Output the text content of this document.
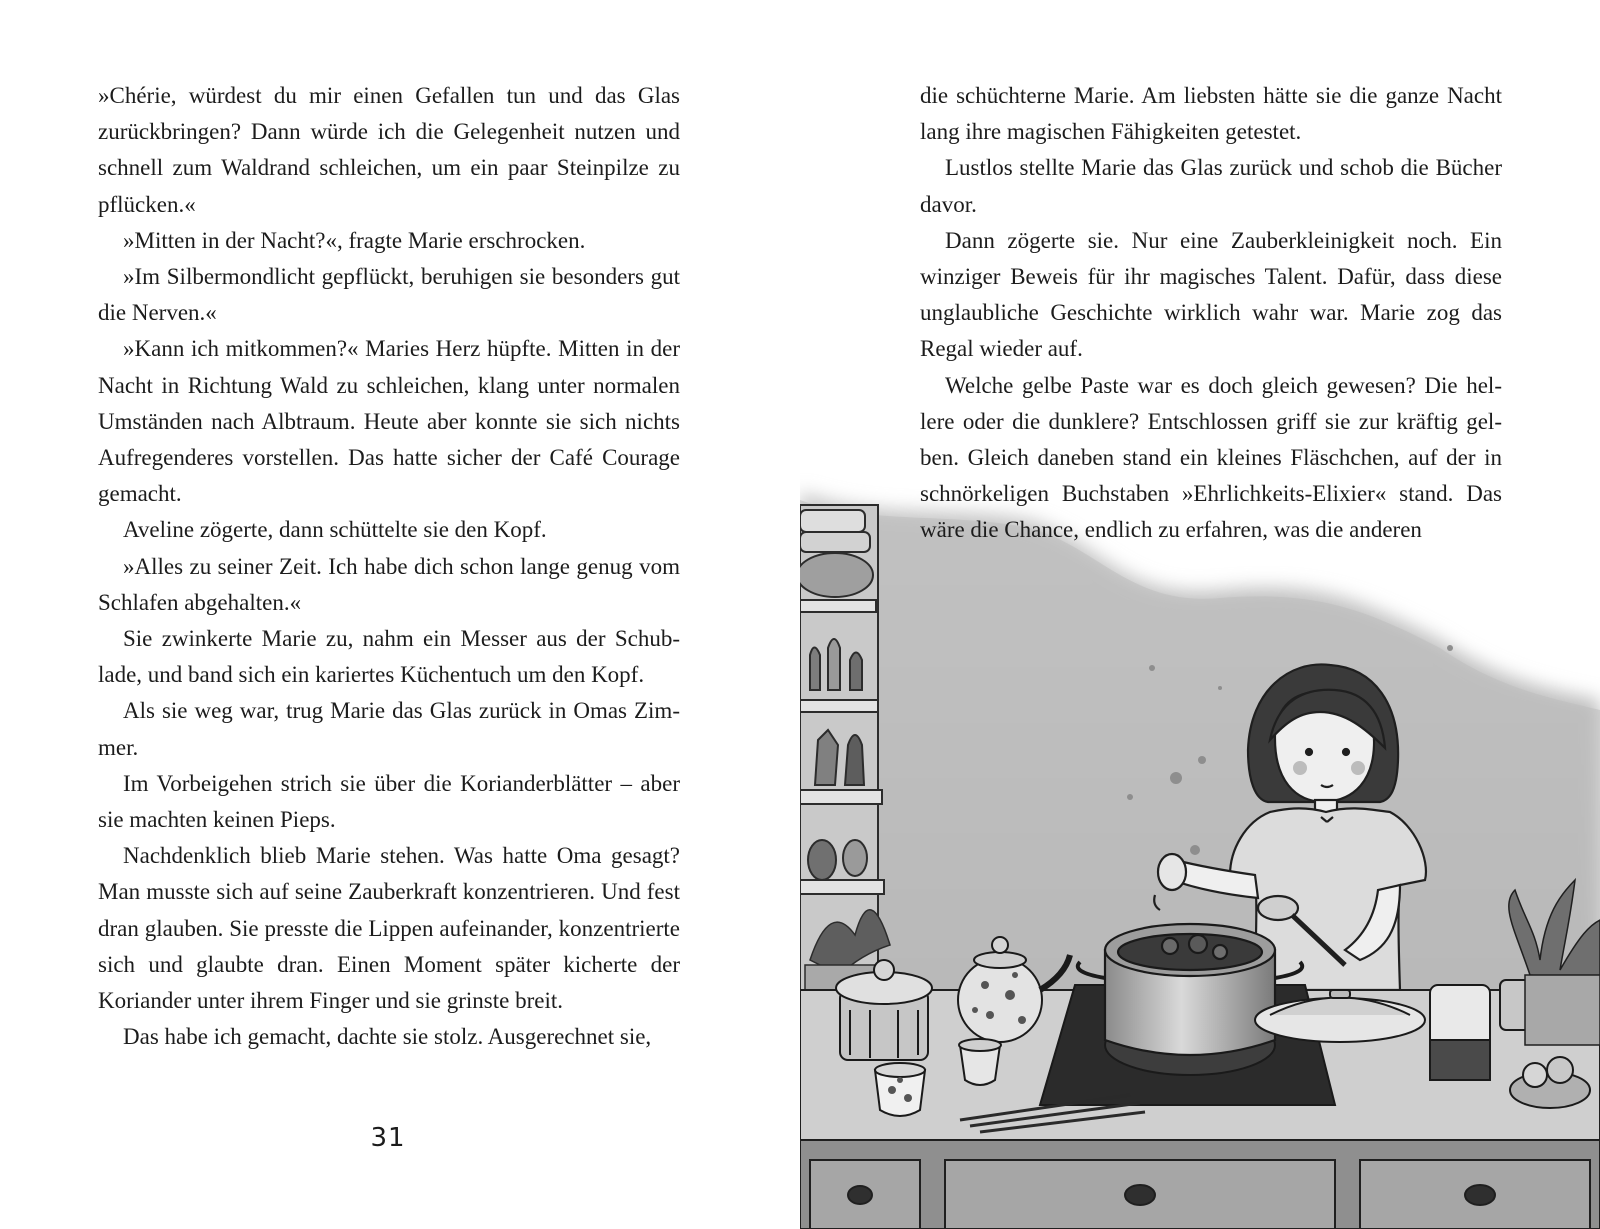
»Chérie, würdest du mir einen Gefallen tun und das Glas zurückbringen? Dann würde ich die Gelegenheit nutzen und schnell zum Waldrand schleichen, um ein paar Steinpilze zu pflücken.«

»Mitten in der Nacht?«, fragte Marie erschrocken.

»Im Silbermondlicht gepflückt, beruhigen sie besonders gut die Nerven.«

»Kann ich mitkommen?« Maries Herz hüpfte. Mitten in der Nacht in Richtung Wald zu schleichen, klang unter normalen Umständen nach Albtraum. Heute aber konnte sie sich nichts Aufregenderes vorstellen. Das hatte sicher der Café Courage gemacht.

Aveline zögerte, dann schüttelte sie den Kopf.

»Alles zu seiner Zeit. Ich habe dich schon lange genug vom Schlafen abgehalten.«

Sie zwinkerte Marie zu, nahm ein Messer aus der Schublade, und band sich ein kariertes Küchentuch um den Kopf.

Als sie weg war, trug Marie das Glas zurück in Omas Zimmer.

Im Vorbeigehen strich sie über die Korianderblätter – aber sie machten keinen Pieps.

Nachdenklich blieb Marie stehen. Was hatte Oma gesagt? Man musste sich auf seine Zauberkraft konzentrieren. Und fest dran glauben. Sie presste die Lippen aufeinander, konzentrierte sich und glaubte dran. Einen Moment später kicherte der Koriander unter ihrem Finger und sie grinste breit.

Das habe ich gemacht, dachte sie stolz. Ausgerechnet sie,

31

die schüchterne Marie. Am liebsten hätte sie die ganze Nacht lang ihre magischen Fähigkeiten getestet.

Lustlos stellte Marie das Glas zurück und schob die Bücher davor.

Dann zögerte sie. Nur eine Zauberkleinigkeit noch. Ein winziger Beweis für ihr magisches Talent. Dafür, dass diese unglaubliche Geschichte wirklich wahr war. Marie zog das Regal wieder auf.

Welche gelbe Paste war es doch gleich gewesen? Die hellere oder die dunklere? Entschlossen griff sie zur kräftig gelben. Gleich daneben stand ein kleines Fläschchen, auf der in schnörkeligen Buchstaben »Ehrlichkeits-Elixier« stand. Das wäre die Chance, endlich zu erfahren, was die anderen
